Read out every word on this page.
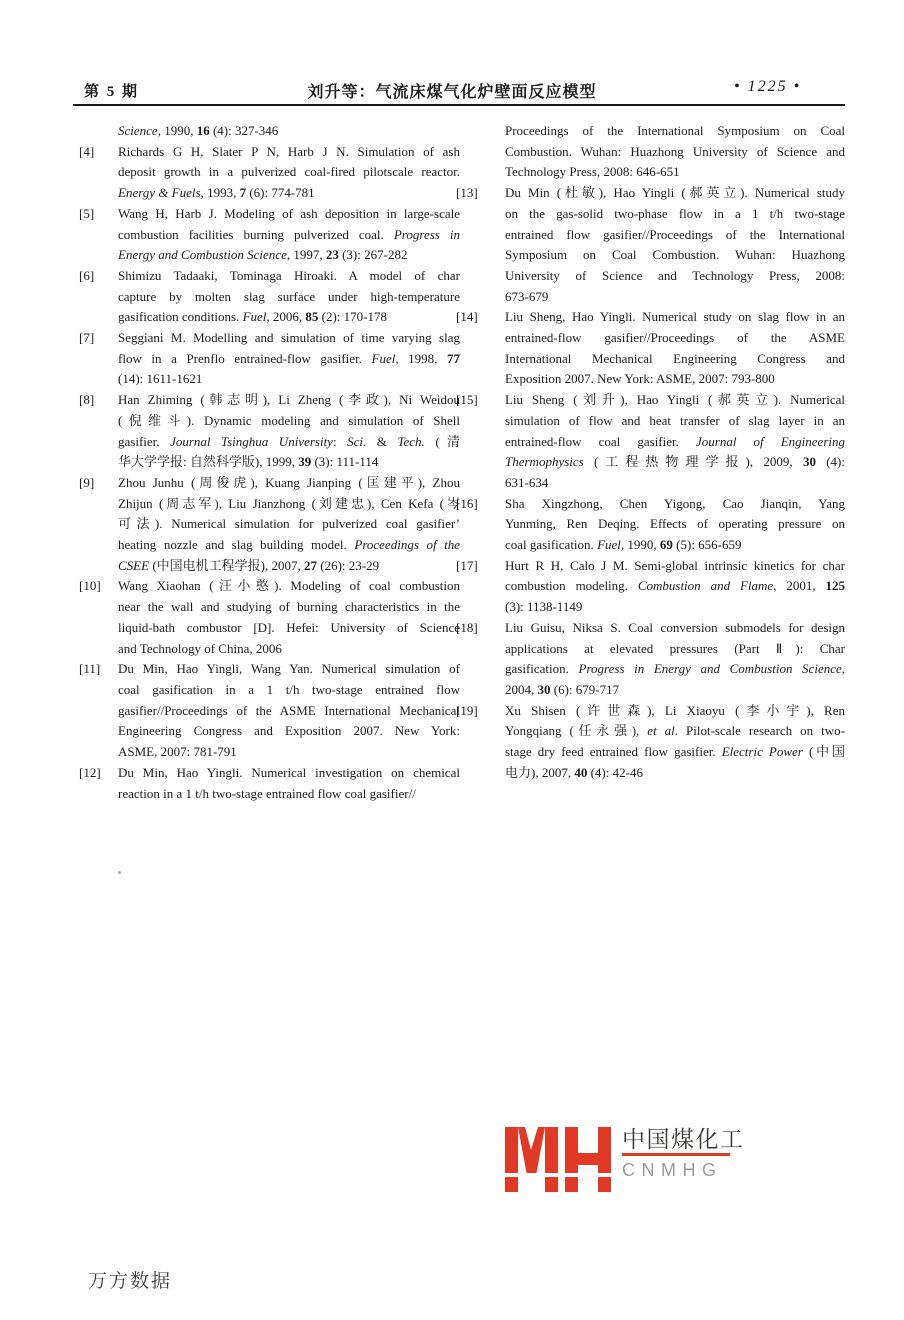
第 5 期	刘升等：气流床煤气化炉壁面反应模型	• 1225 •
Science, 1990, 16 (4): 327-346
[4]	Richards G H, Slater P N, Harb J N. Simulation of ash
deposit growth in a pulverized coal-fired pilotscale reactor.
Energy & Fuels, 1993, 7 (6): 774-781
[5]	Wang H, Harb J. Modeling of ash deposition in large-scale
combustion facilities burning pulverized coal. Progress in
Energy and Combustion Science, 1997, 23 (3): 267-282
[6]	Shimizu Tadaaki, Tominaga Hiroaki. A model of char
capture by molten slag surface under high-temperature
gasification conditions. Fuel, 2006, 85 (2): 170-178
[7]	Seggiani M. Modelling and simulation of time varying slag
flow in a Prenflo entrained-flow gasifier. Fuel, 1998, 77
(14): 1611-1621
[8]	Han Zhiming (韩志明), Li Zheng (李政), Ni Weidou
(倪维斗). Dynamic modeling and simulation of Shell
gasifier. Journal Tsinghua University: Sci. & Tech. (清
华大学学报: 自然科学版), 1999, 39 (3): 111-114
[9]	Zhou Junhu (周俊虎), Kuang Jianping (匡建平), Zhou
Zhijun (周志军), Liu Jianzhong (刘建忠), Cen Kefa (岑
可法). Numerical simulation for pulverized coal gasifier’
heating nozzle and slag building model. Proceedings of the
CSEE (中国电机工程学报), 2007, 27 (26): 23-29
[10]	Wang Xiaohan (汪小憨). Modeling of coal combustion
near the wall and studying of burning characteristics in the
liquid-bath combustor [D]. Hefei: University of Science
and Technology of China, 2006
[11]	Du Min, Hao Yingli, Wang Yan. Numerical simulation of
coal gasification in a 1 t/h two-stage entrained flow
gasifier//Proceedings of the ASME International Mechanical
Engineering Congress and Exposition 2007. New York:
ASME, 2007: 781-791
[12]	Du Min, Hao Yingli. Numerical investigation on chemical
reaction in a 1 t/h two-stage entrained flow coal gasifier//
Proceedings of the International Symposium on Coal
Combustion. Wuhan: Huazhong University of Science and
Technology Press, 2008: 646-651
[13]	Du Min (杜敏), Hao Yingli (郝英立). Numerical study
on the gas-solid two-phase flow in a 1 t/h two-stage
entrained flow gasifier//Proceedings of the International
Symposium on Coal Combustion. Wuhan: Huazhong
University of Science and Technology Press, 2008:
673-679
[14]	Liu Sheng, Hao Yingli. Numerical study on slag flow in an
entrained-flow gasifier//Proceedings of the ASME
International Mechanical Engineering Congress and
Exposition 2007. New York: ASME, 2007: 793-800
[15]	Liu Sheng (刘升), Hao Yingli (郝英立). Numerical
simulation of flow and heat transfer of slag layer in an
entrained-flow coal gasifier. Journal of Engineering
Thermophysics (工程热物理学报), 2009, 30 (4):
631-634
[16]	Sha Xingzhong, Chen Yigong, Cao Jianqin, Yang
Yunming, Ren Deqing. Effects of operating pressure on
coal gasification. Fuel, 1990, 69 (5): 656-659
[17]	Hurt R H, Calo J M. Semi-global intrinsic kinetics for char
combustion modeling. Combustion and Flame, 2001, 125
(3): 1138-1149
[18]	Liu Guisu, Niksa S. Coal conversion submodels for design
applications at elevated pressures (Part Ⅱ): Char
gasification. Progress in Energy and Combustion Science,
2004, 30 (6): 679-717
[19]	Xu Shisen (许世森), Li Xiaoyu (李小宇), Ren
Yongqiang (任永强), et al. Pilot-scale research on two-
stage dry feed entrained flow gasifier. Electric Power (中国
电力), 2007, 40 (4): 42-46
中国煤化工
CNMHG
万方数据
